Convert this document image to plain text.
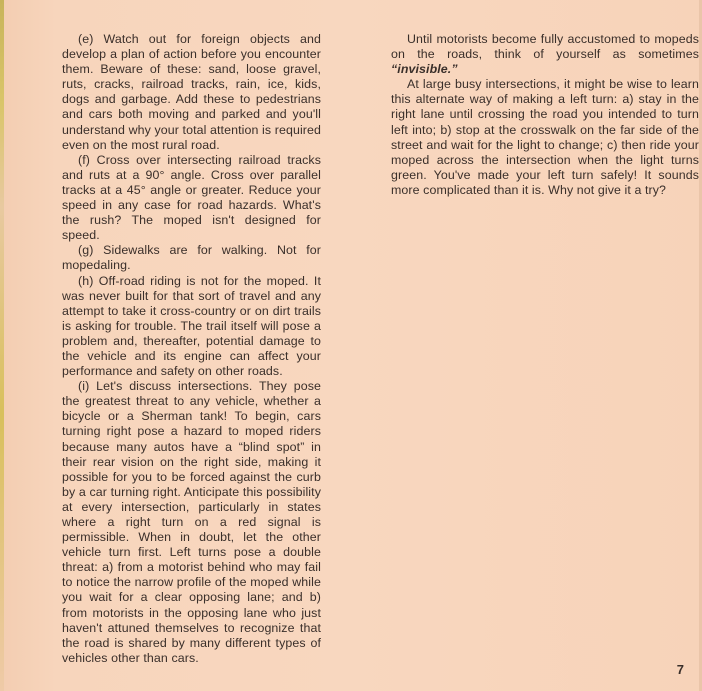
(e) Watch out for foreign objects and develop a plan of action before you encounter them. Beware of these: sand, loose gravel, ruts, cracks, railroad tracks, rain, ice, kids, dogs and garbage. Add these to pedestrians and cars both moving and parked and you'll understand why your total attention is required even on the most rural road.

(f) Cross over intersecting railroad tracks and ruts at a 90° angle. Cross over parallel tracks at a 45° angle or greater. Reduce your speed in any case for road hazards. What's the rush? The moped isn't designed for speed.

(g) Sidewalks are for walking. Not for mopedaling.

(h) Off-road riding is not for the moped. It was never built for that sort of travel and any attempt to take it cross-country or on dirt trails is asking for trouble. The trail itself will pose a problem and, thereafter, potential damage to the vehicle and its engine can affect your performance and safety on other roads.

(i) Let's discuss intersections. They pose the greatest threat to any vehicle, whether a bicycle or a Sherman tank! To begin, cars turning right pose a hazard to moped riders because many autos have a “blind spot” in their rear vision on the right side, making it possible for you to be forced against the curb by a car turning right. Anticipate this possibility at every intersection, particularly in states where a right turn on a red signal is permissible. When in doubt, let the other vehicle turn first. Left turns pose a double threat: a) from a motorist behind who may fail to notice the narrow profile of the moped while you wait for a clear opposing lane; and b) from motorists in the opposing lane who just haven't attuned themselves to recognize that the road is shared by many different types of vehicles other than cars.

Until motorists become fully accustomed to mopeds on the roads, think of yourself as sometimes “invisible.”

At large busy intersections, it might be wise to learn this alternate way of making a left turn: a) stay in the right lane until crossing the road you intended to turn left into; b) stop at the crosswalk on the far side of the street and wait for the light to change; c) then ride your moped across the intersection when the light turns green. You've made your left turn safely! It sounds more complicated than it is. Why not give it a try?

7
